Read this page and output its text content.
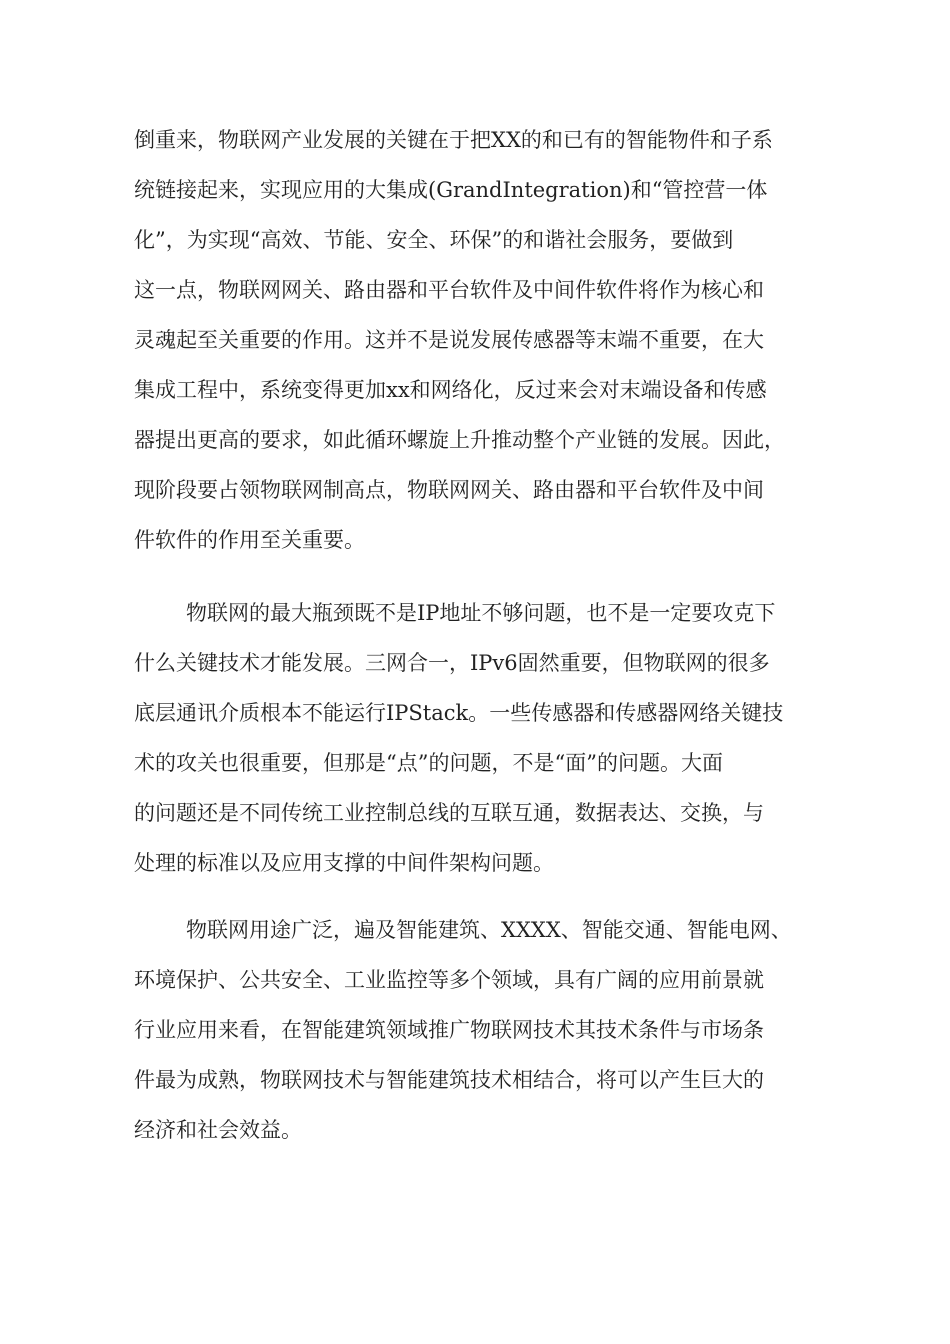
倒重来，物联网产业发展的关键在于把XX的和已有的智能物件和子系
统链接起来，实现应用的大集成(GrandIntegration)和“管控营一体
化”，为实现“高效、节能、安全、环保”的和谐社会服务，要做到
这一点，物联网网关、路由器和平台软件及中间件软件将作为核心和
灵魂起至关重要的作用。这并不是说发展传感器等末端不重要，在大
集成工程中，系统变得更加xx和网络化，反过来会对末端设备和传感
器提出更高的要求，如此循环螺旋上升推动整个产业链的发展。因此，
现阶段要占领物联网制高点，物联网网关、路由器和平台软件及中间
件软件的作用至关重要。

物联网的最大瓶颈既不是IP地址不够问题，也不是一定要攻克下
什么关键技术才能发展。三网合一，IPv6固然重要，但物联网的很多
底层通讯介质根本不能运行IPStack。一些传感器和传感器网络关键技
术的攻关也很重要，但那是“点”的问题，不是“面”的问题。大面
的问题还是不同传统工业控制总线的互联互通，数据表达、交换，与
处理的标准以及应用支撑的中间件架构问题。

物联网用途广泛，遍及智能建筑、XXXX、智能交通、智能电网、
环境保护、公共安全、工业监控等多个领域，具有广阔的应用前景就
行业应用来看，在智能建筑领域推广物联网技术其技术条件与市场条
件最为成熟，物联网技术与智能建筑技术相结合，将可以产生巨大的
经济和社会效益。
